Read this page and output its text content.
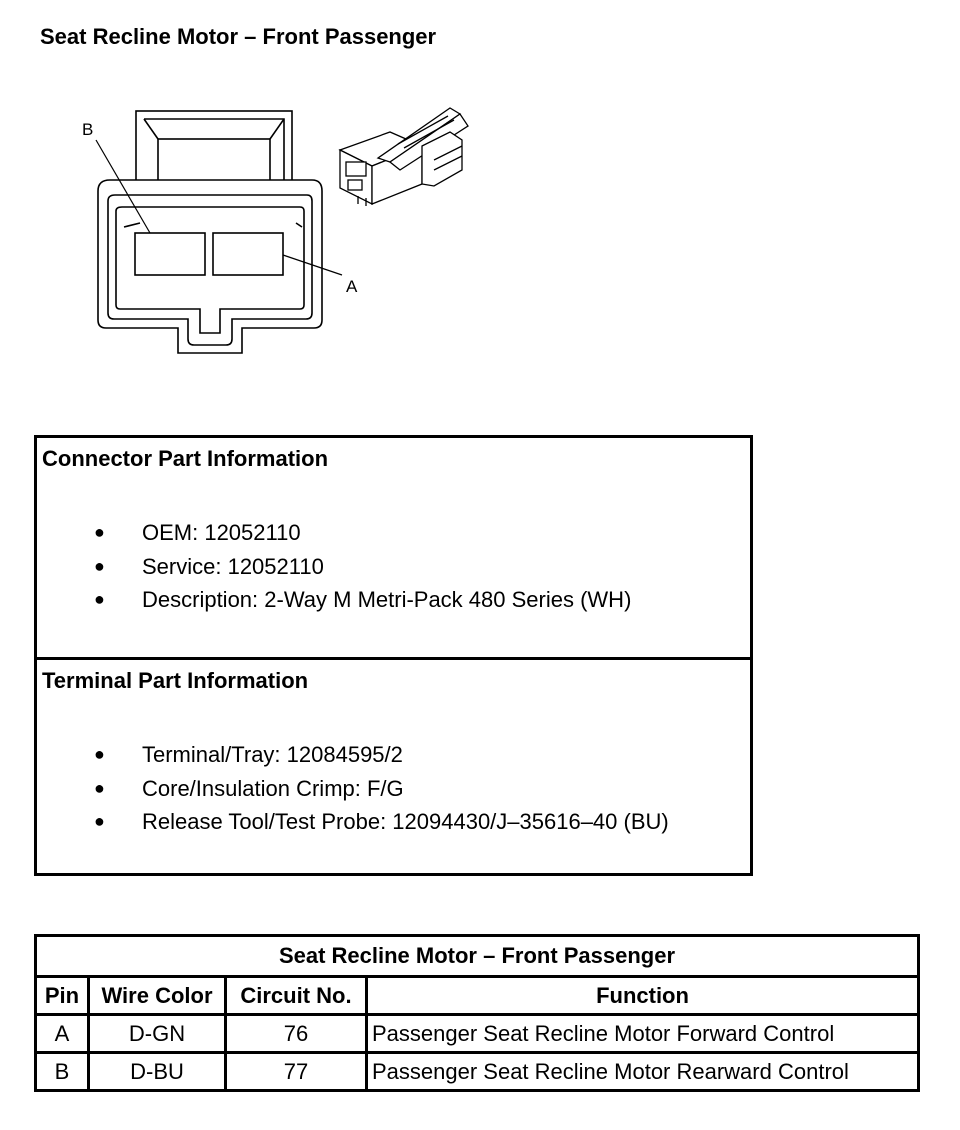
Seat Recline Motor – Front Passenger
B
A
Connector Part Information
● OEM: 12052110
● Service: 12052110
● Description: 2-Way M Metri-Pack 480 Series (WH)
Terminal Part Information
● Terminal/Tray: 12084595/2
● Core/Insulation Crimp: F/G
● Release Tool/Test Probe: 12094430/J–35616–40 (BU)
Seat Recline Motor – Front Passenger			
Pin	Wire Color	Circuit No.	Function
A	D-GN	76	Passenger Seat Recline Motor Forward Control
B	D-BU	77	Passenger Seat Recline Motor Rearward Control
